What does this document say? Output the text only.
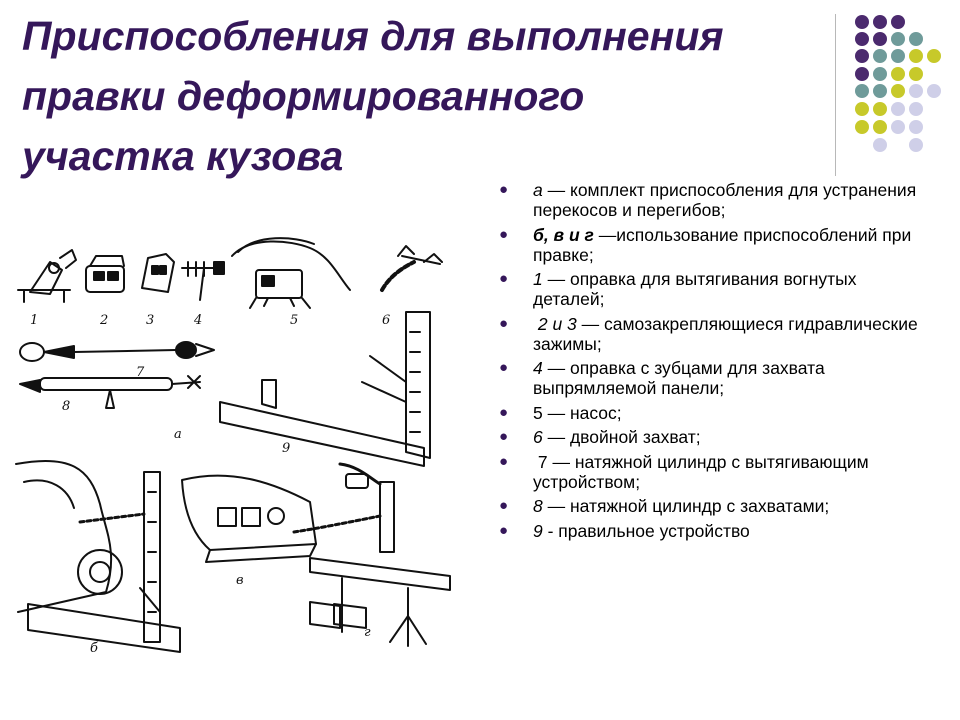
Приспособления для выполнения
правки деформированного
участка кузова
1	2	3	4	5	6
7
8
9
а
б
в
г
● а — комплект приспособления для устранения перекосов и перегибов;
● б, в и г —использование приспособлений при правке;
● 1 — оправка для вытягивания вогнутых деталей;
● 2 и 3 — самозакрепляющиеся гидравлические зажимы;
● 4 — оправка с зубцами для захвата выпрямляемой панели;
● 5 — насос;
● 6 — двойной захват;
● 7 — натяжной цилиндр с вытягивающим устройством;
● 8 — натяжной цилиндр с захватами;
● 9 - правильное устройство
